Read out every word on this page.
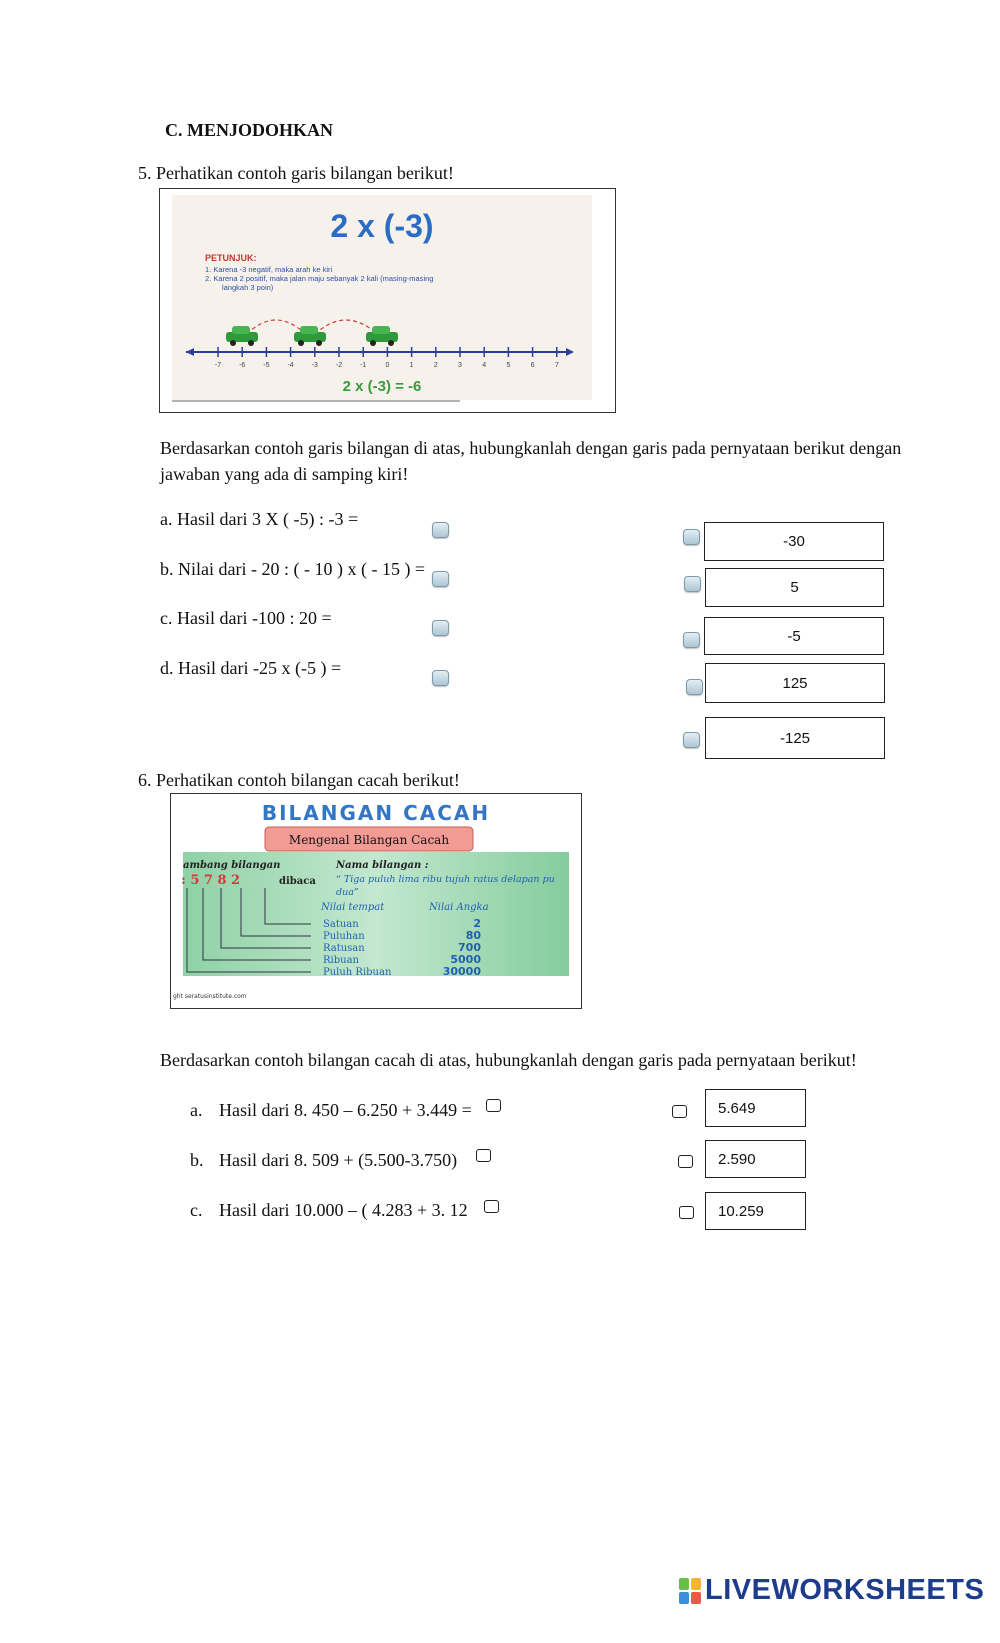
C. MENJODOHKAN
5. Perhatikan contoh garis bilangan berikut!
2 x (-3)
PETUNJUK:
1. Karena -3 negatif, maka arah ke kiri
2. Karena 2 positif, maka jalan maju sebanyak 2 kali (masing-masing
langkah 3 poin)
-7	-6	-5	-4	-3	-2	-1	0	1	2	3	4	5	6	7
2 x (-3) = -6
Berdasarkan contoh garis bilangan di atas, hubungkanlah dengan garis pada pernyataan berikut dengan jawaban yang ada di samping kiri!
a. Hasil dari 3 X ( -5) : -3 =
b. Nilai dari - 20 : ( - 10 ) x ( - 15 ) =
c. Hasil dari -100 : 20 =
d. Hasil dari -25 x (-5 ) =
-30
5
-5
125
-125
6. Perhatikan contoh bilangan cacah berikut!
BILANGAN CACAH
Mengenal Bilangan Cacah
ambang bilangan
: 5 7 8 2	dibaca
Nama bilangan :
“ Tiga puluh lima ribu tujuh ratus delapan pu
dua”
Nilai tempat	Nilai Angka
Satuan	2
Puluhan	80
Ratusan	700
Ribuan	5000
Puluh Ribuan	30000
ght seratusinstitute.com
Berdasarkan contoh bilangan cacah di atas, hubungkanlah dengan garis pada pernyataan berikut!
a. Hasil dari 8. 450 – 6.250 + 3.449 =
b. Hasil dari 8. 509 + (5.500-3.750)
c. Hasil dari 10.000 – ( 4.283 + 3. 12
5.649
2.590
10.259
LIVEWORKSHEETS
